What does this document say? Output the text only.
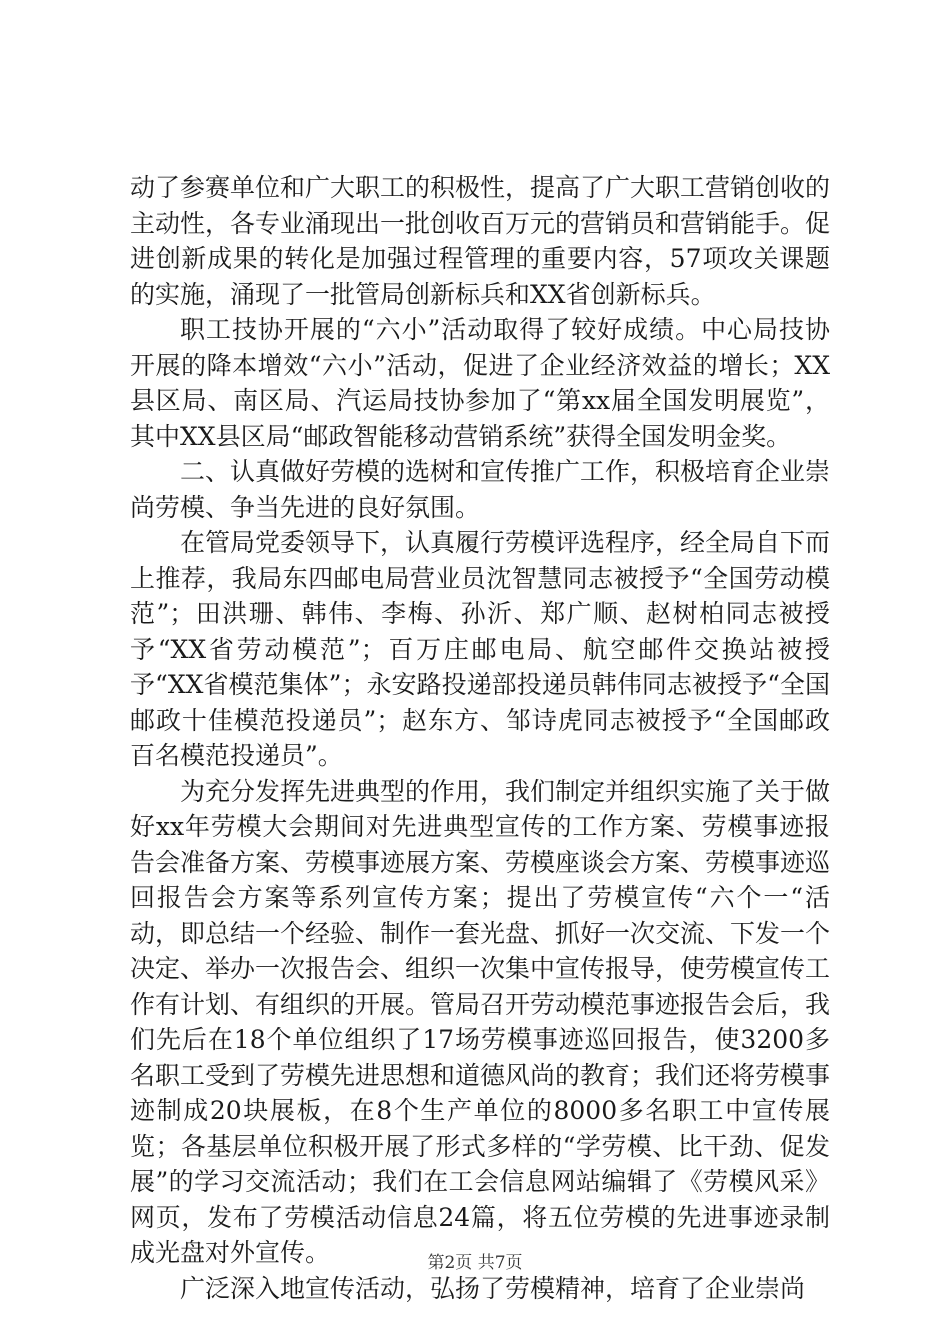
动了参赛单位和广大职工的积极性，提高了广大职工营销创收的主动性，各专业涌现出一批创收百万元的营销员和营销能手。促进创新成果的转化是加强过程管理的重要内容，57项攻关课题的实施，涌现了一批管局创新标兵和XX省创新标兵。

职工技协开展的“六小”活动取得了较好成绩。中心局技协开展的降本增效“六小”活动，促进了企业经济效益的增长；XX县区局、南区局、汽运局技协参加了“第xx届全国发明展览”，其中XX县区局“邮政智能移动营销系统”获得全国发明金奖。

二、认真做好劳模的选树和宣传推广工作，积极培育企业崇尚劳模、争当先进的良好氛围。

在管局党委领导下，认真履行劳模评选程序，经全局自下而上推荐，我局东四邮电局营业员沈智慧同志被授予“全国劳动模范”；田洪珊、韩伟、李梅、孙沂、郑广顺、赵树柏同志被授予“XX省劳动模范”；百万庄邮电局、航空邮件交换站被授予“XX省模范集体”；永安路投递部投递员韩伟同志被授予“全国邮政十佳模范投递员”；赵东方、邹诗虎同志被授予“全国邮政百名模范投递员”。

为充分发挥先进典型的作用，我们制定并组织实施了关于做好xx年劳模大会期间对先进典型宣传的工作方案、劳模事迹报告会准备方案、劳模事迹展方案、劳模座谈会方案、劳模事迹巡回报告会方案等系列宣传方案；提出了劳模宣传“六个一“活动，即总结一个经验、制作一套光盘、抓好一次交流、下发一个决定、举办一次报告会、组织一次集中宣传报导，使劳模宣传工作有计划、有组织的开展。管局召开劳动模范事迹报告会后，我们先后在18个单位组织了17场劳模事迹巡回报告，使3200多名职工受到了劳模先进思想和道德风尚的教育；我们还将劳模事迹制成20块展板，在8个生产单位的8000多名职工中宣传展览；各基层单位积极开展了形式多样的“学劳模、比干劲、促发展”的学习交流活动；我们在工会信息网站编辑了《劳模风采》网页，发布了劳模活动信息24篇，将五位劳模的先进事迹录制成光盘对外宣传。

广泛深入地宣传活动，弘扬了劳模精神，培育了企业崇尚

第2页 共7页
